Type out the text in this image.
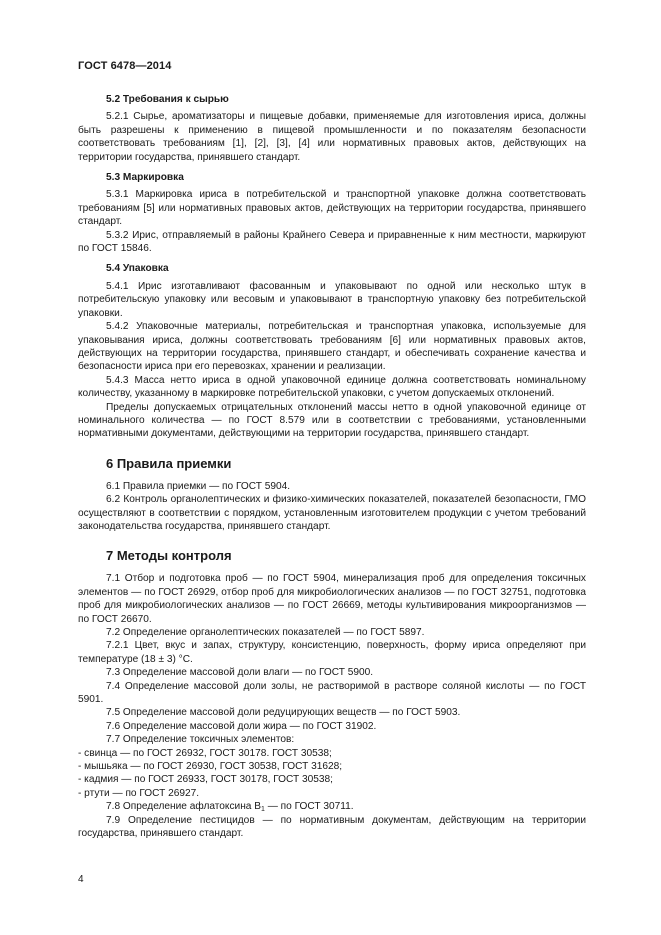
ГОСТ 6478—2014
5.2 Требования к сырью

5.2.1 Сырье, ароматизаторы и пищевые добавки, применяемые для изготовления ириса, должны быть разрешены к применению в пищевой промышленности и по показателям безопасности соответствовать требованиям [1], [2], [3], [4] или нормативных правовых актов, действующих на территории государства, принявшего стандарт.

5.3 Маркировка

5.3.1 Маркировка ириса в потребительской и транспортной упаковке должна соответствовать требованиям [5] или нормативных правовых актов, действующих на территории государства, принявшего стандарт.

5.3.2 Ирис, отправляемый в районы Крайнего Севера и приравненные к ним местности, маркируют по ГОСТ 15846.

5.4 Упаковка

5.4.1 Ирис изготавливают фасованным и упаковывают по одной или несколько штук в потребительскую упаковку или весовым и упаковывают в транспортную упаковку без потребительской упаковки.

5.4.2 Упаковочные материалы, потребительская и транспортная упаковка, используемые для упаковывания ириса, должны соответствовать требованиям [6] или нормативных правовых актов, действующих на территории государства, принявшего стандарт, и обеспечивать сохранение качества и безопасности ириса при его перевозках, хранении и реализации.

5.4.3 Масса нетто ириса в одной упаковочной единице должна соответствовать номинальному количеству, указанному в маркировке потребительской упаковки, с учетом допускаемых отклонений.

Пределы допускаемых отрицательных отклонений массы нетто в одной упаковочной единице от номинального количества — по ГОСТ 8.579 или в соответствии с требованиями, установленными нормативными документами, действующими на территории государства, принявшего стандарт.

6 Правила приемки

6.1 Правила приемки — по ГОСТ 5904.

6.2 Контроль органолептических и физико-химических показателей, показателей безопасности, ГМО осуществляют в соответствии с порядком, установленным изготовителем продукции с учетом требований законодательства государства, принявшего стандарт.

7 Методы контроля

7.1 Отбор и подготовка проб — по ГОСТ 5904, минерализация проб для определения токсичных элементов — по ГОСТ 26929, отбор проб для микробиологических анализов — по ГОСТ 32751, подготовка проб для микробиологических анализов — по ГОСТ 26669, методы культивирования микроорганизмов — по ГОСТ 26670.

7.2 Определение органолептических показателей — по ГОСТ 5897.

7.2.1 Цвет, вкус и запах, структуру, консистенцию, поверхность, форму ириса определяют при температуре (18 ± 3) °С.

7.3 Определение массовой доли влаги — по ГОСТ 5900.

7.4 Определение массовой доли золы, не растворимой в растворе соляной кислоты — по ГОСТ 5901.

7.5 Определение массовой доли редуцирующих веществ — по ГОСТ 5903.

7.6 Определение массовой доли жира — по ГОСТ 31902.

7.7 Определение токсичных элементов:

- свинца — по ГОСТ 26932, ГОСТ 30178. ГОСТ 30538;

- мышьяка — по ГОСТ 26930, ГОСТ 30538, ГОСТ 31628;

- кадмия — по ГОСТ 26933, ГОСТ 30178, ГОСТ 30538;

- ртути — по ГОСТ 26927.

7.8 Определение афлатоксина $В_1$ — по ГОСТ 30711.

7.9 Определение пестицидов — по нормативным документам, действующим на территории государства, принявшего стандарт.

4
